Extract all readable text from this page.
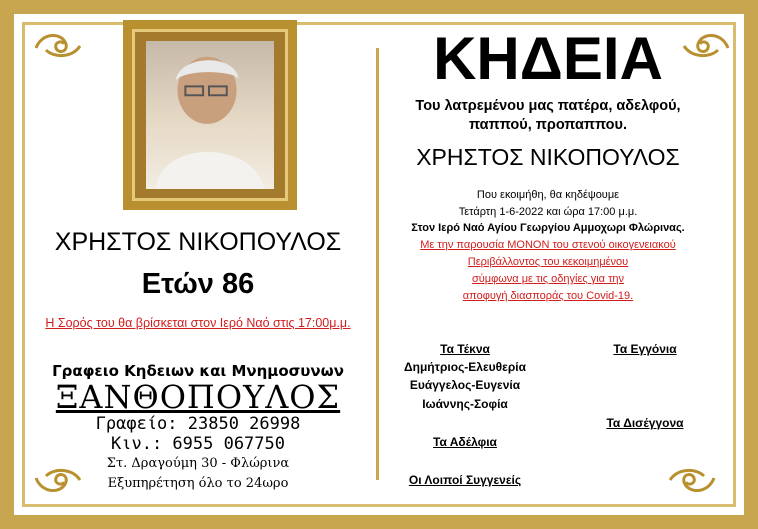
ΧΡΗΣΤΟΣ ΝΙΚΟΠΟΥΛΟΣ
Ετών 86
Η Σορός του θα βρίσκεται στον Ιερό Ναό στις 17:00μ.μ.
Γραφειο Κηδειων και Μνημοσυνων
ΞΑΝΘΟΠΟΥΛΟΣ
Γραφείο: 23850 26998
Κιν.: 6955 067750
Στ. Δραγούμη 30 - Φλώρινα
Εξυπηρέτηση όλο το 24ωρο
ΚΗΔΕΙΑ
Του λατρεμένου μας πατέρα, αδελφού,
παππού, προπαππου.
ΧΡΗΣΤΟΣ ΝΙΚΟΠΟΥΛΟΣ
Που εκοιμήθη, θα κηδέψουμε
Τετάρτη 1-6-2022 και ώρα 17:00 μ.μ.
Στον Ιερό Ναό Αγίου Γεωργίου Αμμοχωρι Φλώρινας.
Με την παρουσία ΜΟΝΟΝ του στενού οικογενειακού
Περιβάλλοντος του κεκοιμημένου
σύμφωνα με τις οδηγίες για την
αποφυγή διασποράς του Covid-19.
Τα Τέκνα
Δημήτριος-Ελευθερία
Ευάγγελος-Ευγενία
Ιωάννης-Σοφία
Τα Εγγόνια
Τα Δισέγγονα
Τα Αδέλφια
Οι Λοιποί Συγγενείς
